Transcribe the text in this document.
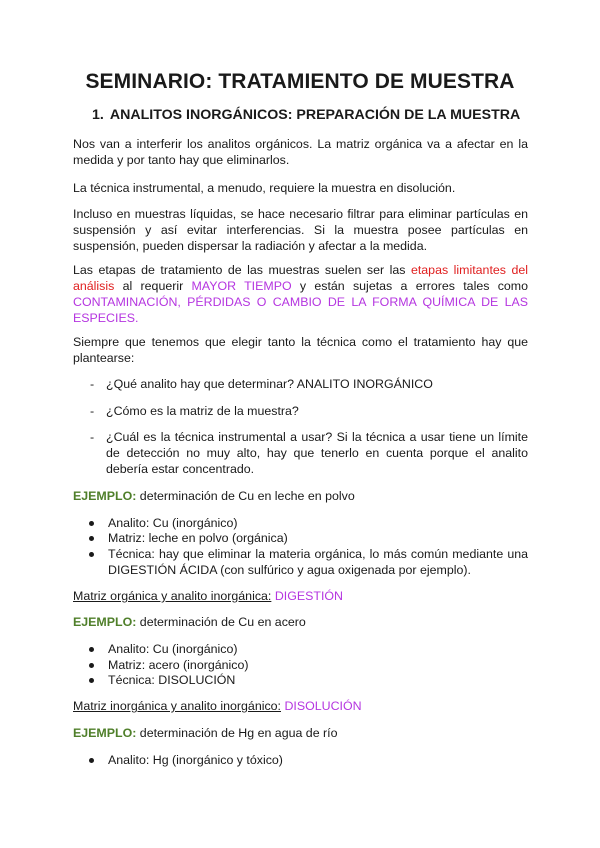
SEMINARIO: TRATAMIENTO DE MUESTRA
1. ANALITOS INORGÁNICOS: PREPARACIÓN DE LA MUESTRA
Nos van a interferir los analitos orgánicos. La matriz orgánica va a afectar en la medida y por tanto hay que eliminarlos.
La técnica instrumental, a menudo, requiere la muestra en disolución.
Incluso en muestras líquidas, se hace necesario filtrar para eliminar partículas en suspensión y así evitar interferencias. Si la muestra posee partículas en suspensión, pueden dispersar la radiación y afectar a la medida.
Las etapas de tratamiento de las muestras suelen ser las etapas limitantes del análisis al requerir MAYOR TIEMPO y están sujetas a errores tales como CONTAMINACIÓN, PÉRDIDAS O CAMBIO DE LA FORMA QUÍMICA DE LAS ESPECIES.
Siempre que tenemos que elegir tanto la técnica como el tratamiento hay que plantearse:
- ¿Qué analito hay que determinar? ANALITO INORGÁNICO
- ¿Cómo es la matriz de la muestra?
- ¿Cuál es la técnica instrumental a usar? Si la técnica a usar tiene un límite de detección no muy alto, hay que tenerlo en cuenta porque el analito debería estar concentrado.
EJEMPLO: determinación de Cu en leche en polvo
Analito: Cu (inorgánico)
Matriz: leche en polvo (orgánica)
Técnica: hay que eliminar la materia orgánica, lo más común mediante una DIGESTIÓN ÁCIDA (con sulfúrico y agua oxigenada por ejemplo).
Matriz orgánica y analito inorgánica: DIGESTIÓN
EJEMPLO: determinación de Cu en acero
Analito: Cu (inorgánico)
Matriz: acero (inorgánico)
Técnica: DISOLUCIÓN
Matriz inorgánica y analito inorgánico: DISOLUCIÓN
EJEMPLO: determinación de Hg en agua de río
Analito: Hg (inorgánico y tóxico)
